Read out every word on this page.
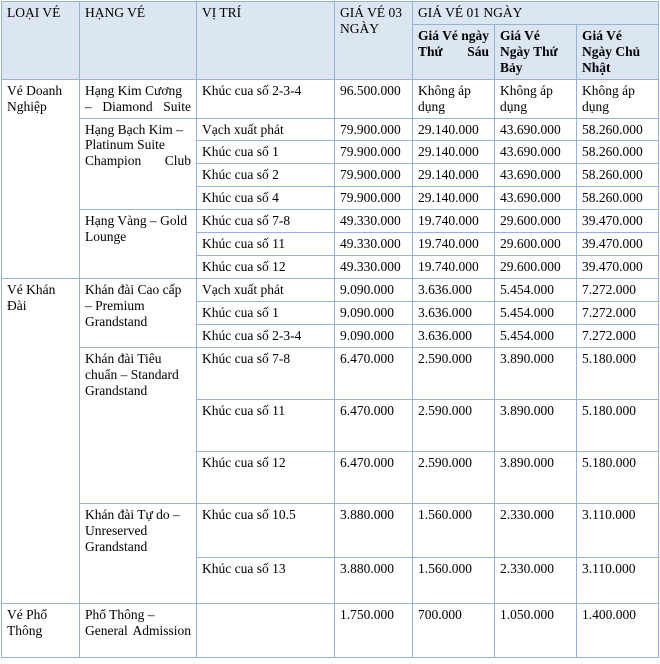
LOẠI VÉ	HẠNG VÉ	VỊ TRÍ	GIÁ VÉ 03 NGÀY	GIÁ VÉ 01 NGÀY		
				Giá Vé ngày Thứ Sáu	Giá Vé Ngày Thứ Bảy	Giá Vé Ngày Chủ Nhật
Vé Doanh Nghiệp	Hạng Kim Cương – Diamond Suite	Khúc cua số 2-3-4	96.500.000	Không áp dụng	Không áp dụng	Không áp dụng
	Hạng Bạch Kim – Platinum Suite Champion Club	Vạch xuất phát	79.900.000	29.140.000	43.690.000	58.260.000
		Khúc cua số 1	79.900.000	29.140.000	43.690.000	58.260.000
		Khúc cua số 2	79.900.000	29.140.000	43.690.000	58.260.000
		Khúc cua số 4	79.900.000	29.140.000	43.690.000	58.260.000
	Hạng Vàng – Gold Lounge	Khúc cua số 7-8	49.330.000	19.740.000	29.600.000	39.470.000
		Khúc cua số 11	49.330.000	19.740.000	29.600.000	39.470.000
		Khúc cua số 12	49.330.000	19.740.000	29.600.000	39.470.000
Vé Khán Đài	Khán đài Cao cấp – Premium Grandstand	Vạch xuất phát	9.090.000	3.636.000	5.454.000	7.272.000
		Khúc cua số 1	9.090.000	3.636.000	5.454.000	7.272.000
		Khúc cua số 2-3-4	9.090.000	3.636.000	5.454.000	7.272.000
	Khán đài Tiêu chuẩn – Standard Grandstand	Khúc cua số 7-8	6.470.000	2.590.000	3.890.000	5.180.000
		Khúc cua số 11	6.470.000	2.590.000	3.890.000	5.180.000
		Khúc cua số 12	6.470.000	2.590.000	3.890.000	5.180.000
	Khán đài Tự do – Unreserved Grandstand	Khúc cua số 10.5	3.880.000	1.560.000	2.330.000	3.110.000
		Khúc cua số 13	3.880.000	1.560.000	2.330.000	3.110.000
Vé Phổ Thông	Phổ Thông – General Admission		1.750.000	700.000	1.050.000	1.400.000
